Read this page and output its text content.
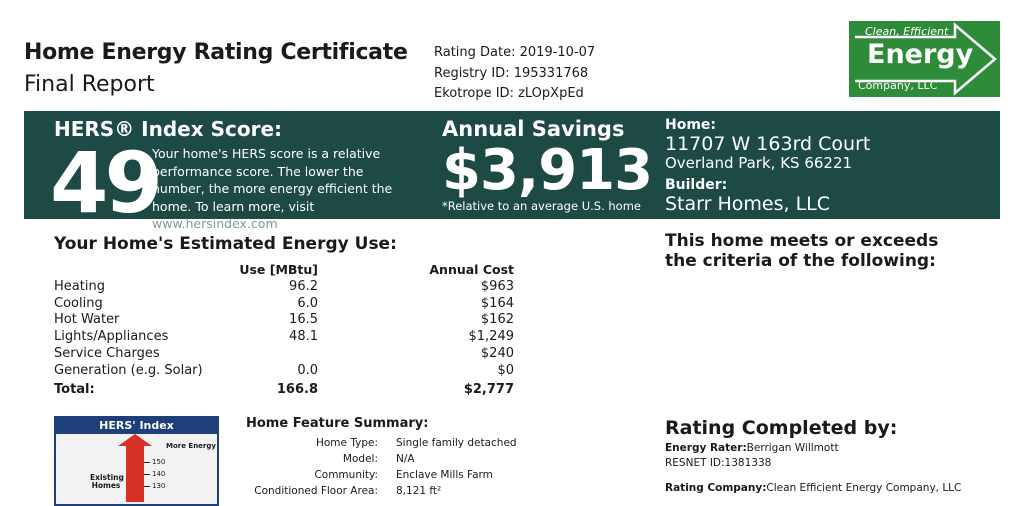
Home Energy Rating Certificate
Final Report
Rating Date: 2019-10-07
Registry ID: 195331768
Ekotrope ID: zLOpXpEd
Clean, Efficient
Energy
Company, LLC
HERS® Index Score:
49
Your home's HERS score is a relative performance score. The lower the number, the more energy efficient the home. To learn more, visit www.hersindex.com
Annual Savings
$3,913
*Relative to an average U.S. home
Home:
11707 W 163rd Court
Overland Park, KS 66221
Builder:
Starr Homes, LLC
Your Home's Estimated Energy Use:
	Use [MBtu]	Annual Cost
Heating	96.2	$963
Cooling	6.0	$164
Hot Water	16.5	$162
Lights/Appliances	48.1	$1,249
Service Charges		$240
Generation (e.g. Solar)	0.0	$0
Total:	166.8	$2,777
This home meets or exceeds the criteria of the following:
HERS' Index
More Energy
150
140
130
Existing Homes
Home Feature Summary:
Home Type: Single family detached
Model: N/A
Community: Enclave Mills Farm
Conditioned Floor Area: 8,121 ft²
Rating Completed by:
Energy Rater:Berrigan Willmott
RESNET ID:1381338
Rating Company:Clean Efficient Energy Company, LLC
